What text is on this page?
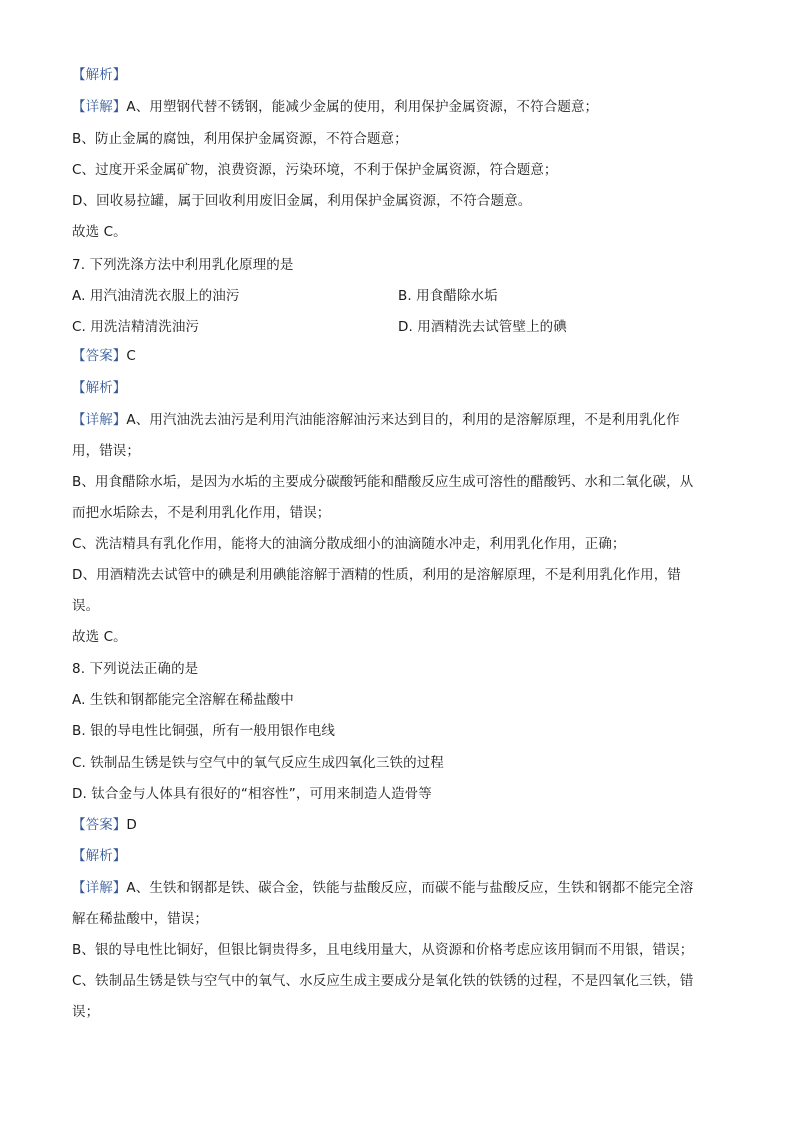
【解析】
【详解】A、用塑钢代替不锈钢，能减少金属的使用，利用保护金属资源，不符合题意；
B、防止金属的腐蚀，利用保护金属资源，不符合题意；
C、过度开采金属矿物，浪费资源，污染环境，不利于保护金属资源，符合题意；
D、回收易拉罐，属于回收利用废旧金属，利用保护金属资源，不符合题意。
故选 C。
7. 下列洗涤方法中利用乳化原理的是
A. 用汽油清洗衣服上的油污	B. 用食醋除水垢
C. 用洗洁精清洗油污	D. 用酒精洗去试管壁上的碘
【答案】C
【解析】
【详解】A、用汽油洗去油污是利用汽油能溶解油污来达到目的，利用的是溶解原理，不是利用乳化作
用，错误；
B、用食醋除水垢，是因为水垢的主要成分碳酸钙能和醋酸反应生成可溶性的醋酸钙、水和二氧化碳，从
而把水垢除去，不是利用乳化作用，错误；
C、洗洁精具有乳化作用，能将大的油滴分散成细小的油滴随水冲走，利用乳化作用，正确；
D、用酒精洗去试管中的碘是利用碘能溶解于酒精的性质，利用的是溶解原理，不是利用乳化作用，错
误。
故选 C。
8. 下列说法正确的是
A. 生铁和钢都能完全溶解在稀盐酸中
B. 银的导电性比铜强，所有一般用银作电线
C. 铁制品生锈是铁与空气中的氧气反应生成四氧化三铁的过程
D. 钛合金与人体具有很好的“相容性”，可用来制造人造骨等
【答案】D
【解析】
【详解】A、生铁和钢都是铁、碳合金，铁能与盐酸反应，而碳不能与盐酸反应，生铁和钢都不能完全溶
解在稀盐酸中，错误；
B、银的导电性比铜好，但银比铜贵得多，且电线用量大，从资源和价格考虑应该用铜而不用银，错误；
C、铁制品生锈是铁与空气中的氧气、水反应生成主要成分是氧化铁的铁锈的过程，不是四氧化三铁，错
误；
